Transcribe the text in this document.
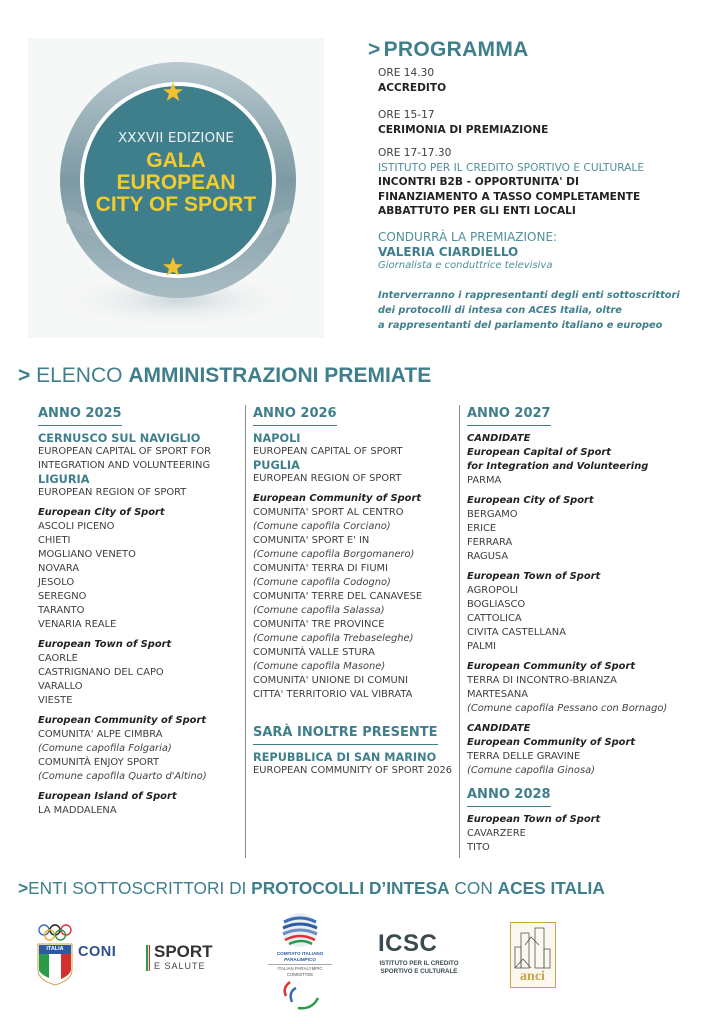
XXXVII EDIZIONE
GALA
EUROPEAN
CITY OF SPORT
> PROGRAMMA
ORE 14.30
ACCREDITO
ORE 15-17
CERIMONIA DI PREMIAZIONE
ORE 17-17.30
ISTITUTO PER IL CREDITO SPORTIVO E CULTURALE
INCONTRI B2B - OPPORTUNITA' DI
FINANZIAMENTO A TASSO COMPLETAMENTE
ABBATTUTO PER GLI ENTI LOCALI
CONDURRÀ LA PREMIAZIONE:
VALERIA CIARDIELLO
Giornalista e conduttrice televisiva
Interverranno i rappresentanti degli enti sottoscrittori
dei protocolli di intesa con ACES Italia, oltre
a rappresentanti del parlamento italiano e europeo
> ELENCO AMMINISTRAZIONI PREMIATE
ANNO 2025
CERNUSCO SUL NAVIGLIO
EUROPEAN CAPITAL OF SPORT FOR
INTEGRATION AND VOLUNTEERING
LIGURIA
EUROPEAN REGION OF SPORT
European City of Sport
ASCOLI PICENO
CHIETI
MOGLIANO VENETO
NOVARA
JESOLO
SEREGNO
TARANTO
VENARIA REALE
European Town of Sport
CAORLE
CASTRIGNANO DEL CAPO
VARALLO
VIESTE
European Community of Sport
COMUNITA' ALPE CIMBRA
(Comune capofila Folgaria)
COMUNITÀ ENJOY SPORT
(Comune capofila Quarto d'Altino)
European Island of Sport
LA MADDALENA
ANNO 2026
NAPOLI
EUROPEAN CAPITAL OF SPORT
PUGLIA
EUROPEAN REGION OF SPORT
European Community of Sport
COMUNITA' SPORT AL CENTRO
(Comune capofila Corciano)
COMUNITA' SPORT E' IN
(Comune capofila Borgomanero)
COMUNITA' TERRA DI FIUMI
(Comune capofila Codogno)
COMUNITA' TERRE DEL CANAVESE
(Comune capofila Salassa)
COMUNITA' TRE PROVINCE
(Comune capofila Trebaseleghe)
COMUNITÀ VALLE STURA
(Comune capofila Masone)
COMUNITA' UNIONE DI COMUNI
CITTA' TERRITORIO VAL VIBRATA
SARÀ INOLTRE PRESENTE
REPUBBLICA DI SAN MARINO
EUROPEAN COMMUNITY OF SPORT 2026
ANNO 2027
CANDIDATE
European Capital of Sport
for Integration and Volunteering
PARMA
European City of Sport
BERGAMO
ERICE
FERRARA
RAGUSA
European Town of Sport
AGROPOLI
BOGLIASCO
CATTOLICA
CIVITA CASTELLANA
PALMI
European Community of Sport
TERRA DI INCONTRO-BRIANZA
MARTESANA
(Comune capofila Pessano con Bornago)
CANDIDATE
European Community of Sport
TERRA DELLE GRAVINE
(Comune capofila Ginosa)
ANNO 2028
European Town of Sport
CAVARZERE
TITO
>ENTI SOTTOSCRITTORI DI PROTOCOLLI D’INTESA CON ACES ITALIA
ITALIA CONI SPORT
E SALUTE
COMITATO ITALIANO
PARALIMPICO
ITALIAN PARALYMPIC
COMMITTEE
ICSC
ISTITUTO PER IL CREDITO
SPORTIVO E CULTURALE	anci
